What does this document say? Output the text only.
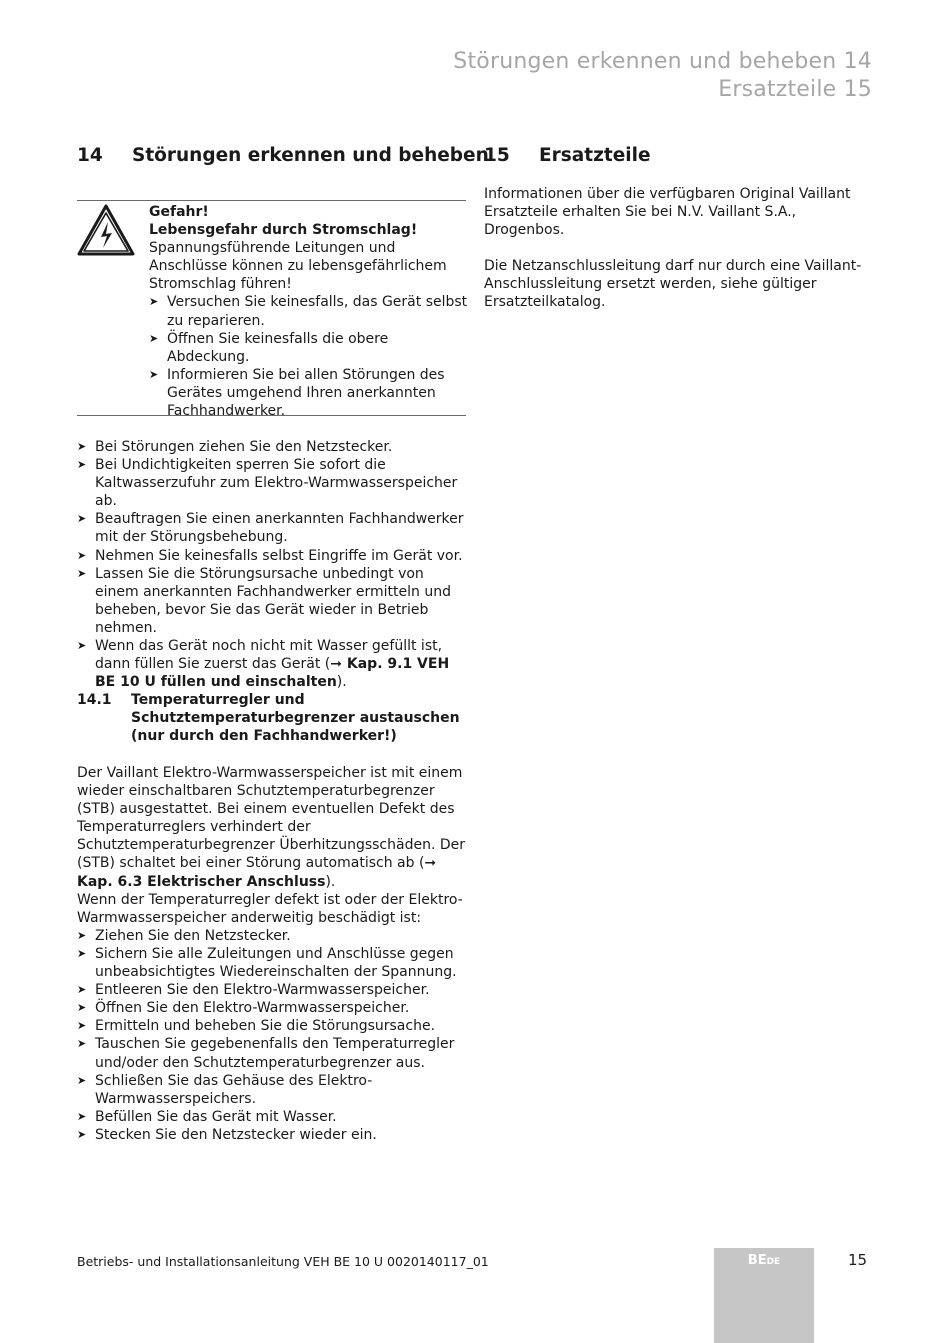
Störungen erkennen und beheben 14
Ersatzteile 15
14 Störungen erkennen und beheben

Gefahr!

Lebensgefahr durch Stromschlag!

Spannungsführende Leitungen und Anschlüsse können zu lebensgefährlichem Stromschlag führen!

➤ Versuchen Sie keinesfalls, das Gerät selbst zu reparieren.
➤ Öffnen Sie keinesfalls die obere Abdeckung.
➤ Informieren Sie bei allen Störungen des Gerätes umgehend Ihren anerkannten Fachhandwerker.
➤ Bei Störungen ziehen Sie den Netzstecker.
➤ Bei Undichtigkeiten sperren Sie sofort die Kaltwasserzufuhr zum Elektro-Warmwasserspeicher ab.
➤ Beauftragen Sie einen anerkannten Fachhandwerker mit der Störungsbehebung.
➤ Nehmen Sie keinesfalls selbst Eingriffe im Gerät vor.
➤ Lassen Sie die Störungsursache unbedingt von einem anerkannten Fachhandwerker ermitteln und beheben, bevor Sie das Gerät wieder in Betrieb nehmen.
➤ Wenn das Gerät noch nicht mit Wasser gefüllt ist, dann füllen Sie zuerst das Gerät (➞ Kap. 9.1 VEH BE 10 U füllen und einschalten).
14.1	Temperaturregler und Schutztemperaturbegrenzer austauschen (nur durch den Fachhandwerker!)

Der Vaillant Elektro-Warmwasserspeicher ist mit einem wieder einschaltbaren Schutztemperaturbegrenzer (STB) ausgestattet. Bei einem eventuellen Defekt des Temperaturreglers verhindert der Schutztemperaturbegrenzer Überhitzungsschäden. Der (STB) schaltet bei einer Störung automatisch ab (➞ Kap. 6.3 Elektrischer Anschluss).

Wenn der Temperaturregler defekt ist oder der Elektro-Warmwasserspeicher anderweitig beschädigt ist:

➤ Ziehen Sie den Netzstecker.
➤ Sichern Sie alle Zuleitungen und Anschlüsse gegen unbeabsichtigtes Wiedereinschalten der Spannung.
➤ Entleeren Sie den Elektro-Warmwasserspeicher.
➤ Öffnen Sie den Elektro-Warmwasserspeicher.
➤ Ermitteln und beheben Sie die Störungsursache.
➤ Tauschen Sie gegebenenfalls den Temperaturregler und/oder den Schutztemperaturbegrenzer aus.
➤ Schließen Sie das Gehäuse des Elektro-Warmwasserspeichers.
➤ Befüllen Sie das Gerät mit Wasser.
➤ Stecken Sie den Netzstecker wieder ein.
15 Ersatzteile

Informationen über die verfügbaren Original Vaillant Ersatzteile erhalten Sie bei N.V. Vaillant S.A., Drogenbos.

Die Netzanschlussleitung darf nur durch eine Vaillant-Anschlussleitung ersetzt werden, siehe gültiger Ersatzteilkatalog.

Betriebs- und Installationsanleitung VEH BE 10 U 0020140117_01	BEDE	15
